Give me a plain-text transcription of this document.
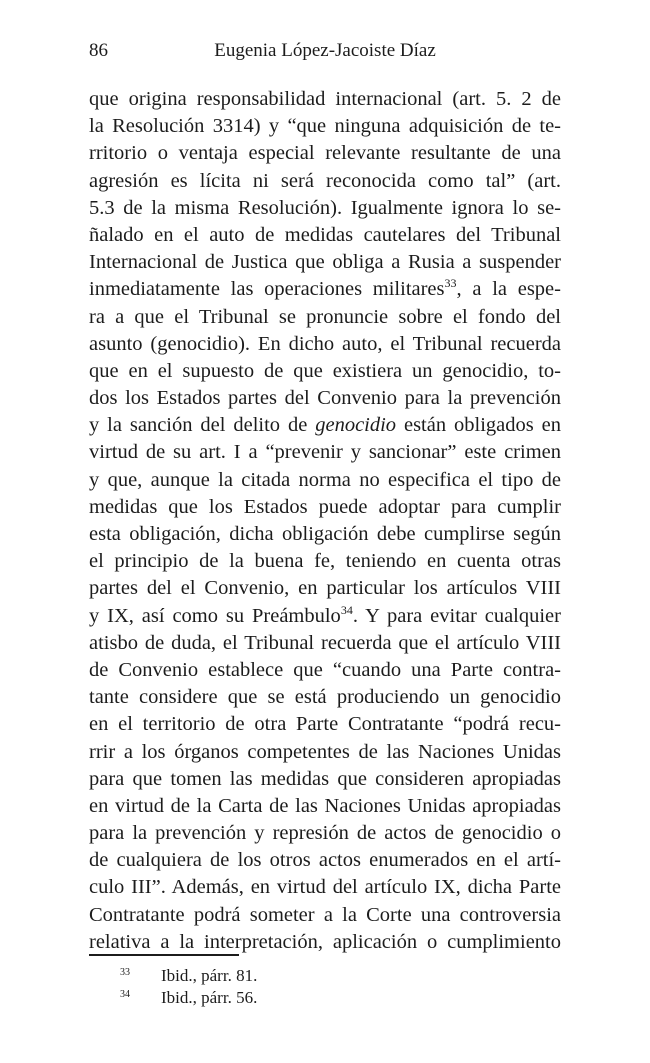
86	Eugenia López-Jacoiste Díaz
que origina responsabilidad internacional (art. 5. 2 de
la Resolución 3314) y “que ninguna adquisición de te-
rritorio o ventaja especial relevante resultante de una
agresión es lícita ni será reconocida como tal” (art.
5.3 de la misma Resolución). Igualmente ignora lo se-
ñalado en el auto de medidas cautelares del Tribunal
Internacional de Justica que obliga a Rusia a suspender
inmediatamente las operaciones militares$^{33}$, a la espe-
ra a que el Tribunal se pronuncie sobre el fondo del
asunto (genocidio). En dicho auto, el Tribunal recuerda
que en el supuesto de que existiera un genocidio, to-
dos los Estados partes del Convenio para la prevención
y la sanción del delito de genocidio están obligados en
virtud de su art. I a “prevenir y sancionar” este crimen
y que, aunque la citada norma no especifica el tipo de
medidas que los Estados puede adoptar para cumplir
esta obligación, dicha obligación debe cumplirse según
el principio de la buena fe, teniendo en cuenta otras
partes del el Convenio, en particular los artículos VIII
y IX, así como su Preámbulo$^{34}$. Y para evitar cualquier
atisbo de duda, el Tribunal recuerda que el artículo VIII
de Convenio establece que “cuando una Parte contra-
tante considere que se está produciendo un genocidio
en el territorio de otra Parte Contratante “podrá recu-
rrir a los órganos competentes de las Naciones Unidas
para que tomen las medidas que consideren apropiadas
en virtud de la Carta de las Naciones Unidas apropiadas
para la prevención y represión de actos de genocidio o
de cualquiera de los otros actos enumerados en el artí-
culo III”. Además, en virtud del artículo IX, dicha Parte
Contratante podrá someter a la Corte una controversia
relativa a la interpretación, aplicación o cumplimiento
33 Ibid., párr. 81.
34 Ibid., párr. 56.
